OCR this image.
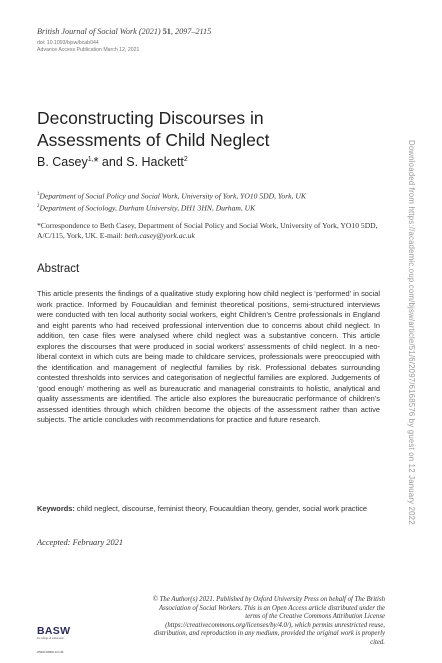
British Journal of Social Work (2021) 51, 2097–2115
doi: 10.1093/bjsw/bcab044
Advance Access Publication March 12, 2021
Deconstructing Discourses in Assessments of Child Neglect
B. Casey$^{1,}$* and S. Hackett$^2$
$^1$Department of Social Policy and Social Work, University of York, YO10 5DD, York, UK
$^2$Department of Sociology, Durham University, DH1 3HN, Durham, UK
*Correspondence to Beth Casey, Department of Social Policy and Social Work, University of York, YO10 5DD, A/C/115, York, UK. E-mail: beth.casey@york.ac.uk
Abstract
This article presents the findings of a qualitative study exploring how child neglect is ‘performed’ in social work practice. Informed by Foucauldian and feminist theoretical positions, semi-structured interviews were conducted with ten local authority social workers, eight Children’s Centre professionals in England and eight parents who had received professional intervention due to concerns about child neglect. In addition, ten case files were analysed where child neglect was a substantive concern. This article explores the discourses that were produced in social workers’ assessments of child neglect. In a neo-liberal context in which cuts are being made to childcare services, professionals were preoccupied with the identification and management of neglectful families by risk. Professional debates surrounding contested thresholds into services and categorisation of neglectful families are explored. Judgements of ‘good enough’ mothering as well as bureaucratic and managerial constraints to holistic, analytical and quality assessments are identified. The article also explores the bureaucratic performance of children’s assessed identities through which children become the objects of the assessment rather than active subjects. The article concludes with recommendations for practice and future research.
Keywords: child neglect, discourse, feminist theory, Foucauldian theory, gender, social work practice
Accepted: February 2021
© The Author(s) 2021. Published by Oxford University Press on behalf of The British Association of Social Workers. This is an Open Access article distributed under the terms of the Creative Commons Attribution License (https://creativecommons.org/licenses/by/4.0/), which permits unrestricted reuse, distribution, and reproduction in any medium, provided the original work is properly cited.
BASW
the college of social work
www.basw.co.uk
Downloaded from https://academic.oup.com/bjsw/article/51/6/2097/6168576 by guest on 12 January 2022
